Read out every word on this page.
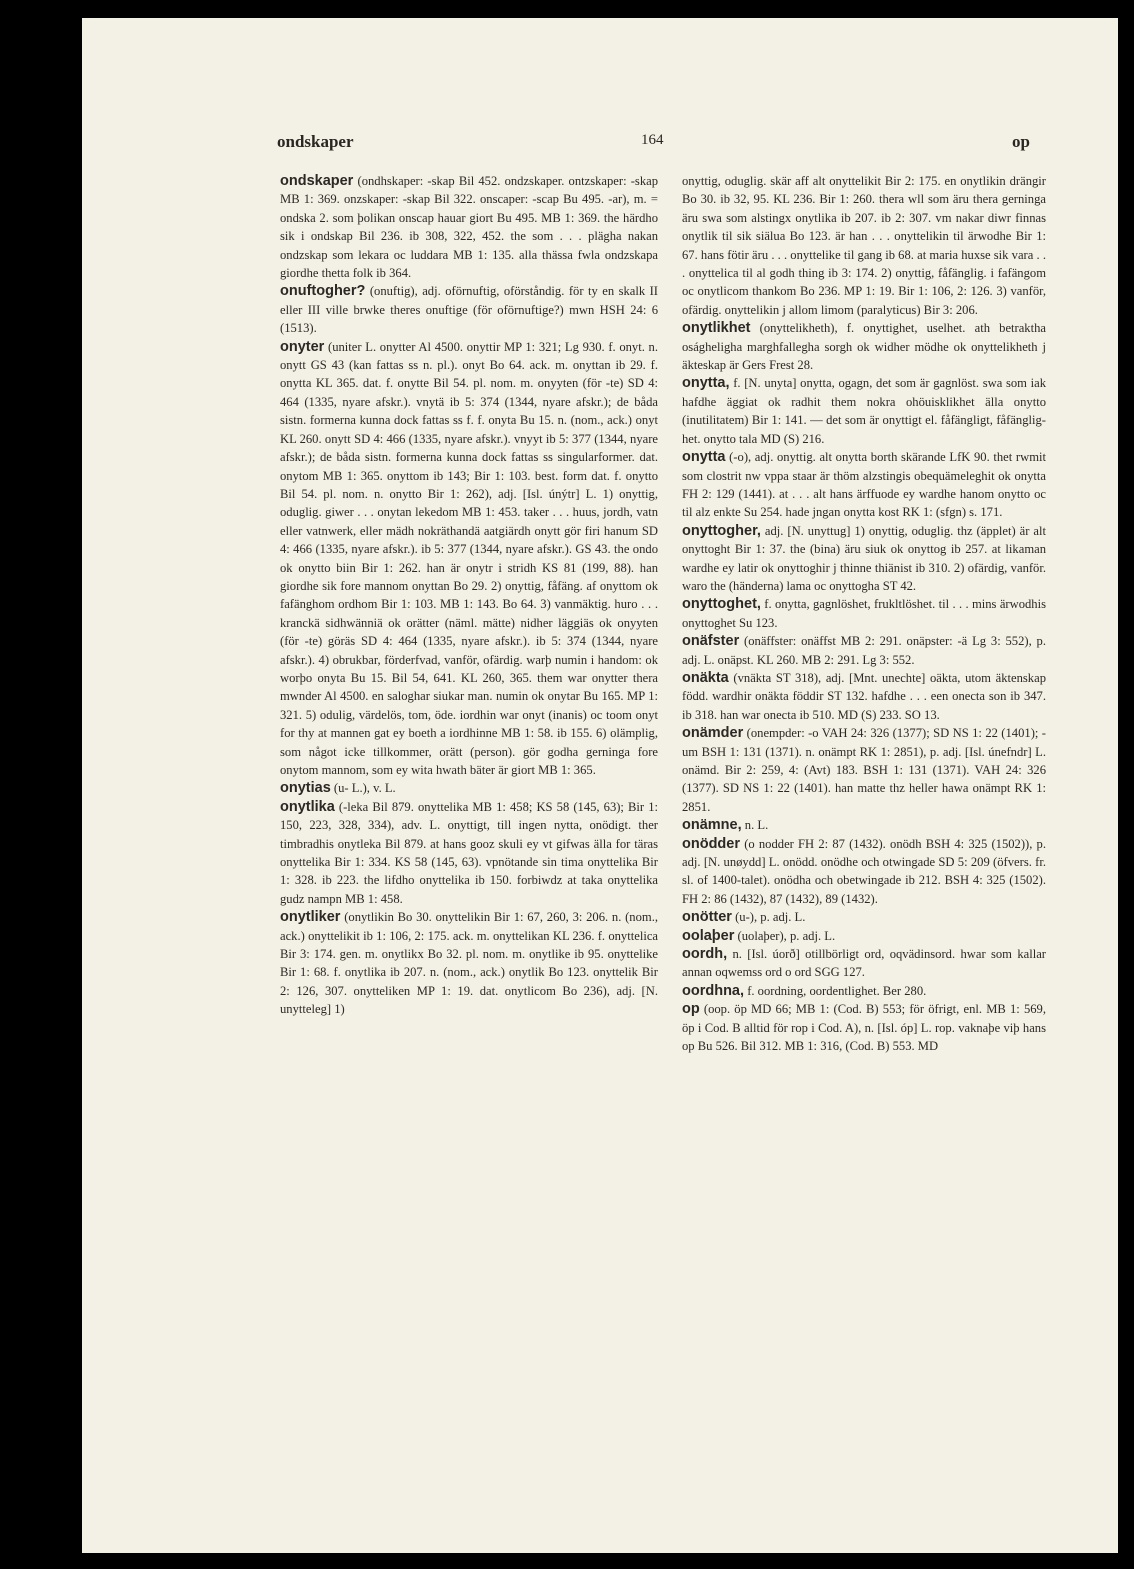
ondskaper	164	op
ondskaper (ondhskaper: -skap Bil 452. ondzskaper. ontzskaper: -skap MB 1: 369. onzskaper: -skap Bil 322. onscaper: -scap Bu 495. -ar), m. = ondska 2. som þolikan onscap hauar giort Bu 495. MB 1: 369. the härdho sik i ondskap Bil 236. ib 308, 322, 452. the som . . . plägha nakan ondzskap som lekara oc luddara MB 1: 135. alla thässa fwla ondzskapa giordhe thetta folk ib 364.
onuftogher? (onuftig), adj. oförnuftig, oförståndig. för ty en skalk II eller III ville brwke theres onuftige (för oförnuftige?) mwn HSH 24: 6 (1513).
onyter (uniter L. onytter Al 4500. onyttir MP 1: 321; Lg 930. f. onyt. n. onytt GS 43 (kan fattas ss n. pl.). onyt Bo 64. ack. m. onyttan ib 29. f. onytta KL 365. dat. f. onytte Bil 54. pl. nom. m. onyyten (för -te) SD 4: 464 (1335, nyare afskr.). vnytä ib 5: 374 (1344, nyare afskr.); de båda sistn. formerna kunna dock fattas ss f. f. onyta Bu 15. n. (nom., ack.) onyt KL 260. onytt SD 4: 466 (1335, nyare afskr.). vnyyt ib 5: 377 (1344, nyare afskr.); de båda sistn. formerna kunna dock fattas ss singularformer. dat. onytom MB 1: 365. onyttom ib 143; Bir 1: 103. best. form dat. f. onytto Bil 54. pl. nom. n. onytto Bir 1: 262), adj. [Isl. únýtr] L. 1) onyttig, oduglig. giwer . . . onytan lekedom MB 1: 453. taker . . . huus, jordh, vatn eller vatnwerk, eller mädh nokräthandä aatgiärdh onytt gör firi hanum SD 4: 466 (1335, nyare afskr.). ib 5: 377 (1344, nyare afskr.). GS 43. the ondo ok onytto biin Bir 1: 262. han är onytr i stridh KS 81 (199, 88). han giordhe sik fore mannom onyttan Bo 29. 2) onyttig, fåfäng. af onyttom ok fafänghom ordhom Bir 1: 103. MB 1: 143. Bo 64. 3) vanmäktig. huro . . . kranckä sidhwänniä ok orätter (näml. mätte) nidher läggiäs ok onyyten (för -te) göräs SD 4: 464 (1335, nyare afskr.). ib 5: 374 (1344, nyare afskr.). 4) obrukbar, förderfvad, vanför, ofärdig. warþ numin i handom: ok worþo onyta Bu 15. Bil 54, 641. KL 260, 365. them war onytter thera mwnder Al 4500. en saloghar siukar man. numin ok onytar Bu 165. MP 1: 321. 5) odulig, värdelös, tom, öde. iordhin war onyt (inanis) oc toom onyt for thy at mannen gat ey boeth a iordhinne MB 1: 58. ib 155. 6) olämplig, som något icke tillkommer, orätt (person). gör godha gerninga fore onytom mannom, som ey wita hwath bäter är giort MB 1: 365.
onytias (u- L.), v. L.
onytlika (-leka Bil 879. onyttelika MB 1: 458; KS 58 (145, 63); Bir 1: 150, 223, 328, 334), adv. L. onyttigt, till ingen nytta, onödigt. ther timbradhis onytleka Bil 879. at hans gooz skuli ey vt gifwas älla for täras onyttelika Bir 1: 334. KS 58 (145, 63). vpnötande sin tima onyttelika Bir 1: 328. ib 223. the lifdho onyttelika ib 150. forbiwdz at taka onyttelika gudz nampn MB 1: 458.
onytliker (onytlikin Bo 30. onyttelikin Bir 1: 67, 260, 3: 206. n. (nom., ack.) onyttelikit ib 1: 106, 2: 175. ack. m. onyttelikan KL 236. f. onyttelica Bir 3: 174. gen. m. onytlikx Bo 32. pl. nom. m. onytlike ib 95. onyttelike Bir 1: 68. f. onytlika ib 207. n. (nom., ack.) onytlik Bo 123. onyttelik Bir 2: 126, 307. onytteliken MP 1: 19. dat. onytlicom Bo 236), adj. [N. unytteleg] 1)
onyttig, oduglig. skär aff alt onyttelikit Bir 2: 175. en onytlikin drängir Bo 30. ib 32, 95. KL 236. Bir 1: 260. thera wll som äru thera gerninga äru swa som alstingx onytlika ib 207. ib 2: 307. vm nakar diwr finnas onytlik til sik siälua Bo 123. är han . . . onyttelikin til ärwodhe Bir 1: 67. hans fötir äru . . . onyttelike til gang ib 68. at maria huxse sik vara . . . onyttelica til al godh thing ib 3: 174. 2) onyttig, fåfänglig. i fafängom oc onytlicom thankom Bo 236. MP 1: 19. Bir 1: 106, 2: 126. 3) vanför, ofärdig. onyttelikin j allom limom (paralyticus) Bir 3: 206.
onytlikhet (onyttelikheth), f. onyttighet, uselhet. ath betraktha oságheligha marghfallegha sorgh ok widher mödhe ok onyttelikheth j äkteskap är Gers Frest 28.
onytta, f. [N. unyta] onytta, ogagn, det som är gagnlöst. swa som iak hafdhe äggiat ok radhit them nokra ohöuisklikhet älla onytto (inutilitatem) Bir 1: 141. — det som är onyttigt el. fåfängligt, fåfänglighet. onytto tala MD (S) 216.
onytta (-o), adj. onyttig. alt onytta borth skärande LfK 90. thet rwmit som clostrit nw vppa staar är thöm alzstingis obequämeleghit ok onytta FH 2: 129 (1441). at . . . alt hans ärffuode ey wardhe hanom onytto oc til alz enkte Su 254. hade jngan onytta kost RK 1: (sfgn) s. 171.
onyttogher, adj. [N. unyttug] 1) onyttig, oduglig. thz (äpplet) är alt onyttoght Bir 1: 37. the (bina) äru siuk ok onyttog ib 257. at likaman wardhe ey latir ok onyttoghir j thinne thiänist ib 310. 2) ofärdig, vanför. waro the (händerna) lama oc onyttogha ST 42.
onyttoghet, f. onytta, gagnlöshet, frukltlöshet. til . . . mins ärwodhis onyttoghet Su 123.
onäfster (onäffster: onäffst MB 2: 291. onäpster: -ä Lg 3: 552), p. adj. L. onäpst. KL 260. MB 2: 291. Lg 3: 552.
onäkta (vnäkta ST 318), adj. [Mnt. unechte] oäkta, utom äktenskap född. wardhir onäkta föddir ST 132. hafdhe . . . een onecta son ib 347. ib 318. han war onecta ib 510. MD (S) 233. SO 13.
onämder (onempder: -o VAH 24: 326 (1377); SD NS 1: 22 (1401); -um BSH 1: 131 (1371). n. onämpt RK 1: 2851), p. adj. [Isl. únefndr] L. onämd. Bir 2: 259, 4: (Avt) 183. BSH 1: 131 (1371). VAH 24: 326 (1377). SD NS 1: 22 (1401). han matte thz heller hawa onämpt RK 1: 2851.
onämne, n. L.
onödder (o nodder FH 2: 87 (1432). onödh BSH 4: 325 (1502)), p. adj. [N. unøydd] L. onödd. onödhe och otwingade SD 5: 209 (öfvers. fr. sl. of 1400-talet). onödha och obetwingade ib 212. BSH 4: 325 (1502). FH 2: 86 (1432), 87 (1432), 89 (1432).
onötter (u-), p. adj. L.
oolaþer (uolaþer), p. adj. L.
oordh, n. [Isl. úorð] otillbörligt ord, oqvädinsord. hwar som kallar annan oqwemss ord o ord SGG 127.
oordhna, f. oordning, oordentlighet. Ber 280.
op (oop. öp MD 66; MB 1: (Cod. B) 553; för öfrigt, enl. MB 1: 569, öp i Cod. B alltid för rop i Cod. A), n. [Isl. óp] L. rop. vaknaþe viþ hans op Bu 526. Bil 312. MB 1: 316, (Cod. B) 553. MD
